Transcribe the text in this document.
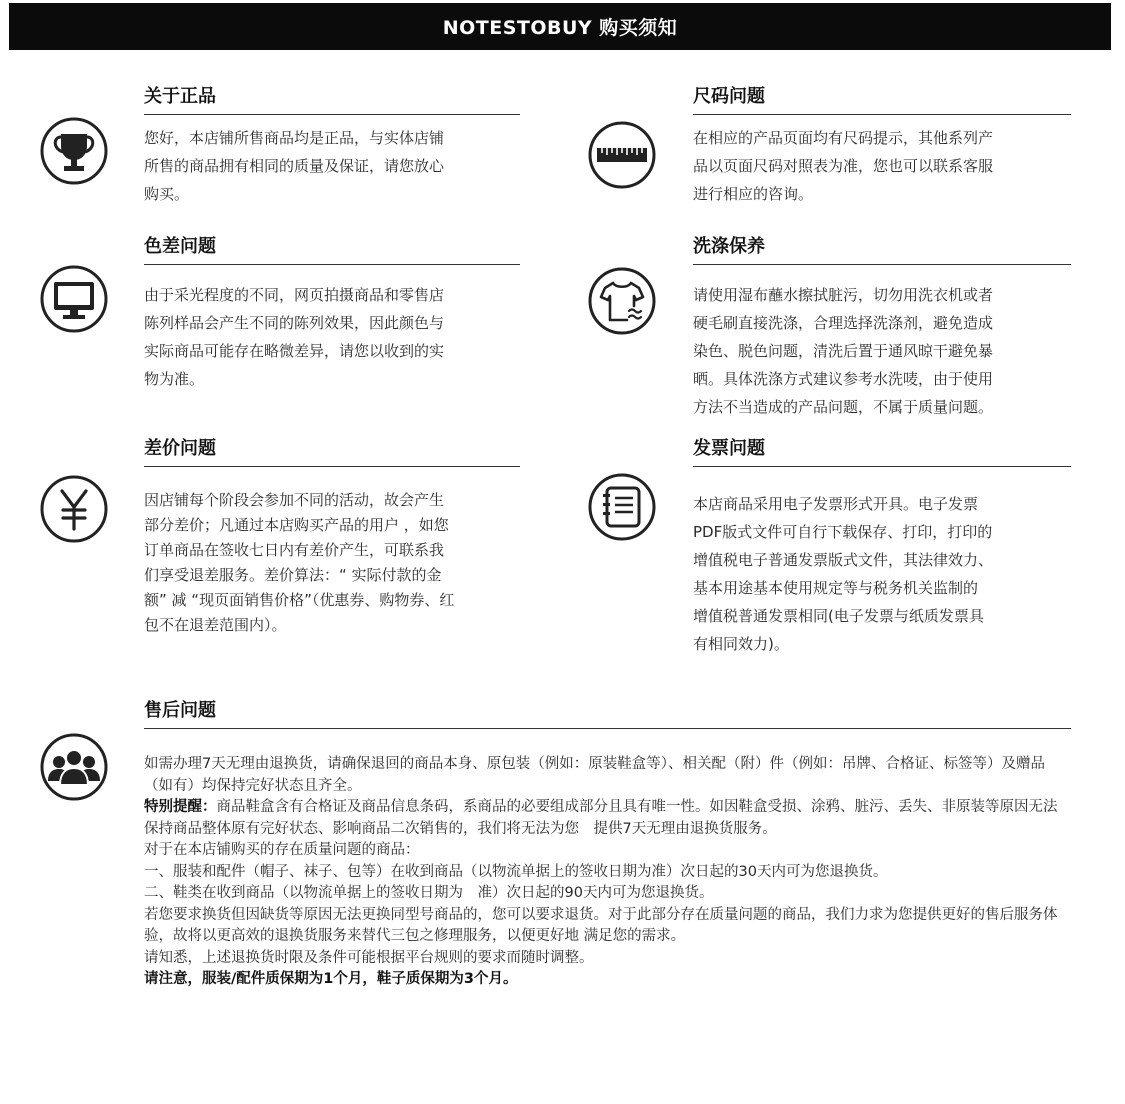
NOTESTOBUY 购买须知
关于正品
您好，本店铺所售商品均是正品，与实体店铺
所售的商品拥有相同的质量及保证，请您放心
购买。
尺码问题
在相应的产品页面均有尺码提示，其他系列产
品以页面尺码对照表为准，您也可以联系客服
进行相应的咨询。
色差问题
由于采光程度的不同，网页拍摄商品和零售店
陈列样品会产生不同的陈列效果，因此颜色与
实际商品可能存在略微差异，请您以收到的实
物为准。
洗涤保养
请使用湿布蘸水擦拭脏污，切勿用洗衣机或者
硬毛刷直接洗涤，合理选择洗涤剂，避免造成
染色、脱色问题，清洗后置于通风晾干避免暴
晒。具体洗涤方式建议参考水洗唛，由于使用
方法不当造成的产品问题，不属于质量问题。
差价问题
因店铺每个阶段会参加不同的活动，故会产生
部分差价；凡通过本店购买产品的用户 ，如您
订单商品在签收七日内有差价产生，可联系我
们享受退差服务。差价算法：“ 实际付款的金
额” 减 “现页面销售价格”（优惠券、购物券、红
包不在退差范围内）。
发票问题
本店商品采用电子发票形式开具。电子发票
PDF版式文件可自行下载保存、打印，打印的
增值税电子普通发票版式文件，其法律效力、
基本用途基本使用规定等与税务机关监制的
增值税普通发票相同(电子发票与纸质发票具
有相同效力)。
售后问题

如需办理7天无理由退换货，请确保退回的商品本身、原包装（例如：原装鞋盒等）、相关配（附）件（例如：吊牌、合格证、标签等）及赠品（如有）均保持完好状态且齐全。

特别提醒：商品鞋盒含有合格证及商品信息条码，系商品的必要组成部分且具有唯一性。如因鞋盒受损、涂鸦、脏污、丢失、非原装等原因无法保持商品整体原有完好状态、影响商品二次销售的，我们将无法为您　提供7天无理由退换货服务。

对于在本店铺购买的存在质量问题的商品：

一、服装和配件（帽子、袜子、包等）在收到商品（以物流单据上的签收日期为准）次日起的30天内可为您退换货。

二、鞋类在收到商品（以物流单据上的签收日期为　准）次日起的90天内可为您退换货。

若您要求换货但因缺货等原因无法更换同型号商品的，您可以要求退货。对于此部分存在质量问题的商品，我们力求为您提供更好的售后服务体验，故将以更高效的退换货服务来替代三包之修理服务，以便更好地 满足您的需求。

请知悉，上述退换货时限及条件可能根据平台规则的要求而随时调整。

请注意，服装/配件质保期为1个月，鞋子质保期为3个月。
